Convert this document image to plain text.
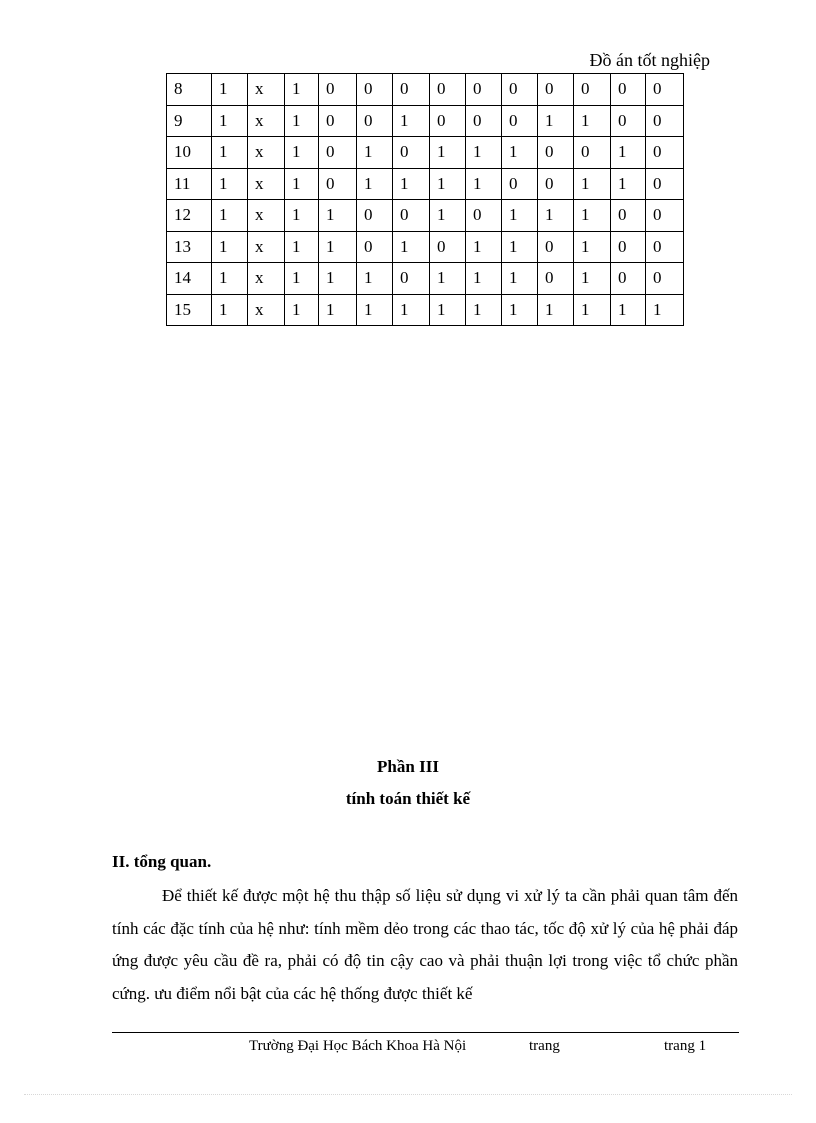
Đồ án tốt nghiệp
8	1	x	1	0	0	0	0	0	0	0	0	0	0
9	1	x	1	0	0	1	0	0	0	1	1	0	0
10	1	x	1	0	1	0	1	1	1	0	0	1	0
11	1	x	1	0	1	1	1	1	0	0	1	1	0
12	1	x	1	1	0	0	1	0	1	1	1	0	0
13	1	x	1	1	0	1	0	1	1	0	1	0	0
14	1	x	1	1	1	0	1	1	1	0	1	0	0
15	1	x	1	1	1	1	1	1	1	1	1	1	1
Phần III
tính toán thiết kế
II. tổng quan.
Để thiết kế được một hệ thu thập số liệu sử dụng vi xử lý ta cần phải quan tâm đến tính các đặc tính của hệ như: tính mềm dẻo trong các thao tác, tốc độ xử lý của hệ phải đáp ứng được yêu cầu đề ra, phải có độ tin cậy cao và phải thuận lợi trong việc tổ chức phần cứng. ưu điểm nổi bật của các hệ thống được thiết kế
Trường Đại Học Bách Khoa Hà Nội	trang	trang 1
